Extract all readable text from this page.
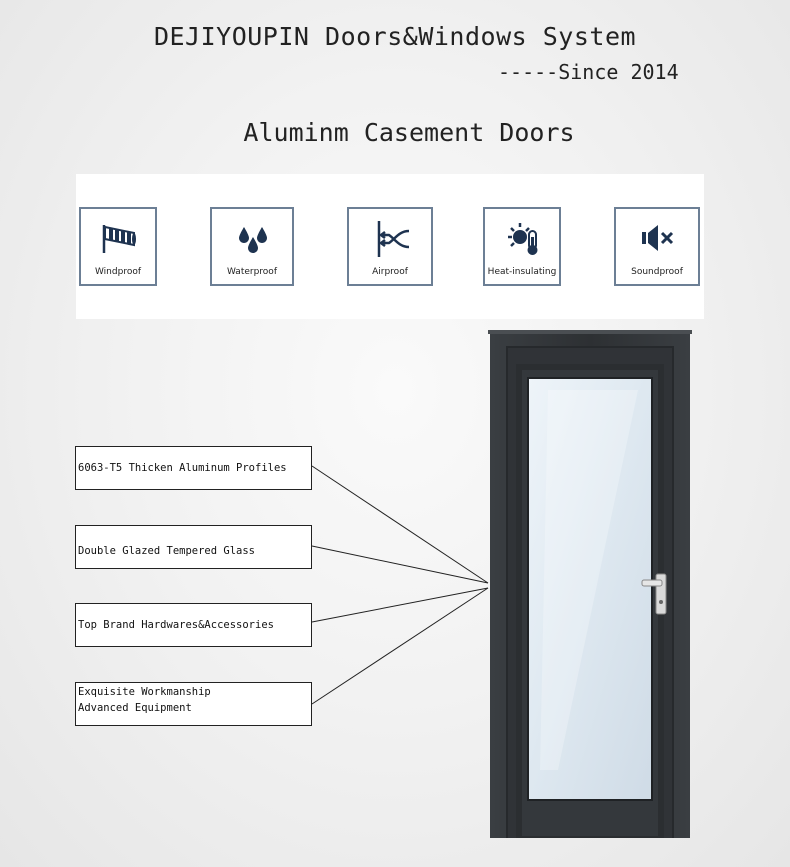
DEJIYOUPIN Doors&Windows System
-----Since 2014
Aluminm Casement Doors
Windproof	Waterproof	Airproof	Heat-insulating	Soundproof
6063-T5 Thicken Aluminum Profiles
Double Glazed Tempered Glass
Top Brand Hardwares&Accessories
Exquisite Workmanship
Advanced Equipment
